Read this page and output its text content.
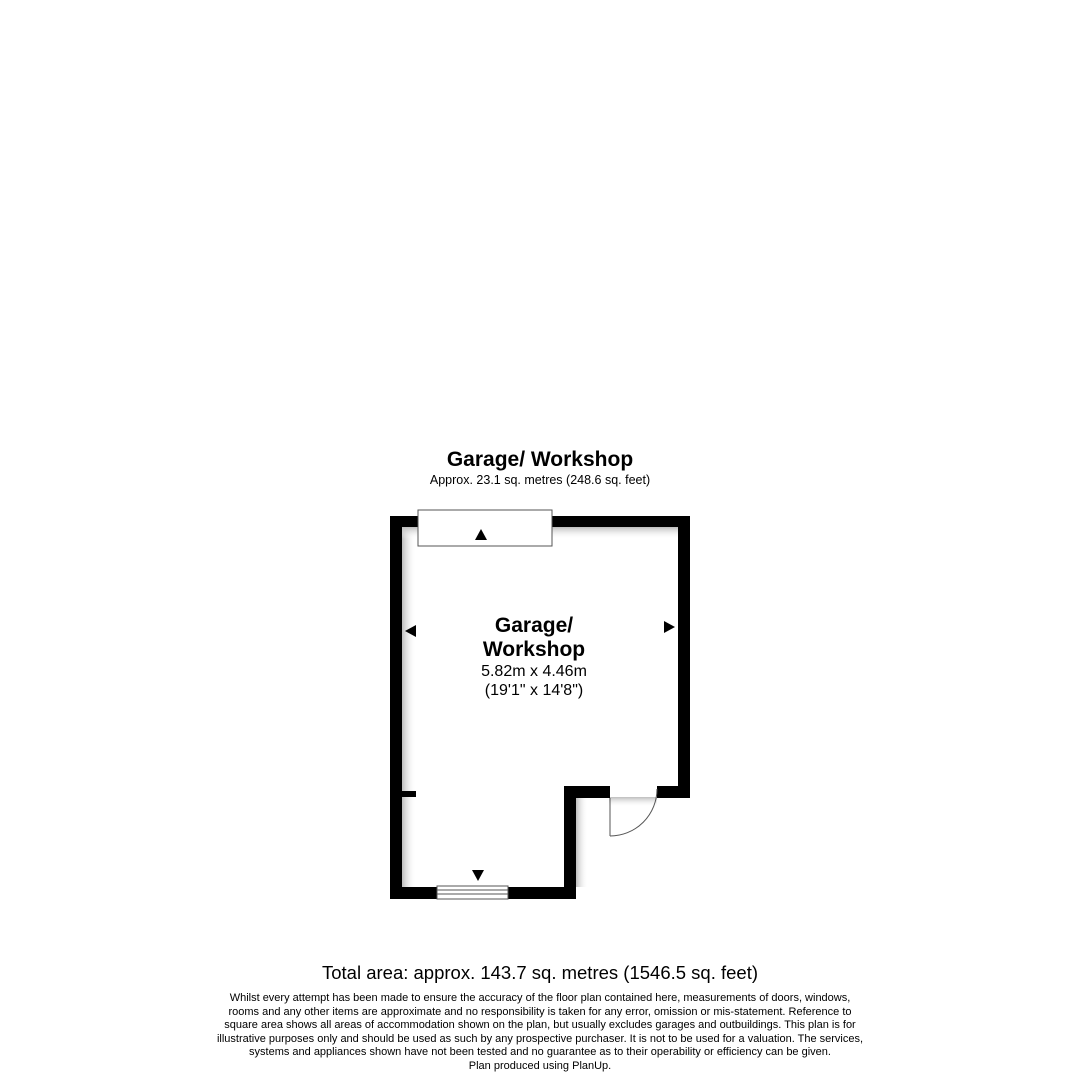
Garage/ Workshop
Approx. 23.1 sq. metres (248.6 sq. feet)
Garage/
Workshop
5.82m x 4.46m
(19'1" x 14'8")
Total area: approx. 143.7 sq. metres (1546.5 sq. feet)
Whilst every attempt has been made to ensure the accuracy of the floor plan contained here, measurements of doors, windows,
rooms and any other items are approximate and no responsibility is taken for any error, omission or mis-statement. Reference to
square area shows all areas of accommodation shown on the plan, but usually excludes garages and outbuildings. This plan is for
illustrative purposes only and should be used as such by any prospective purchaser. It is not to be used for a valuation. The services,
systems and appliances shown have not been tested and no guarantee as to their operability or efficiency can be given.
Plan produced using PlanUp.
